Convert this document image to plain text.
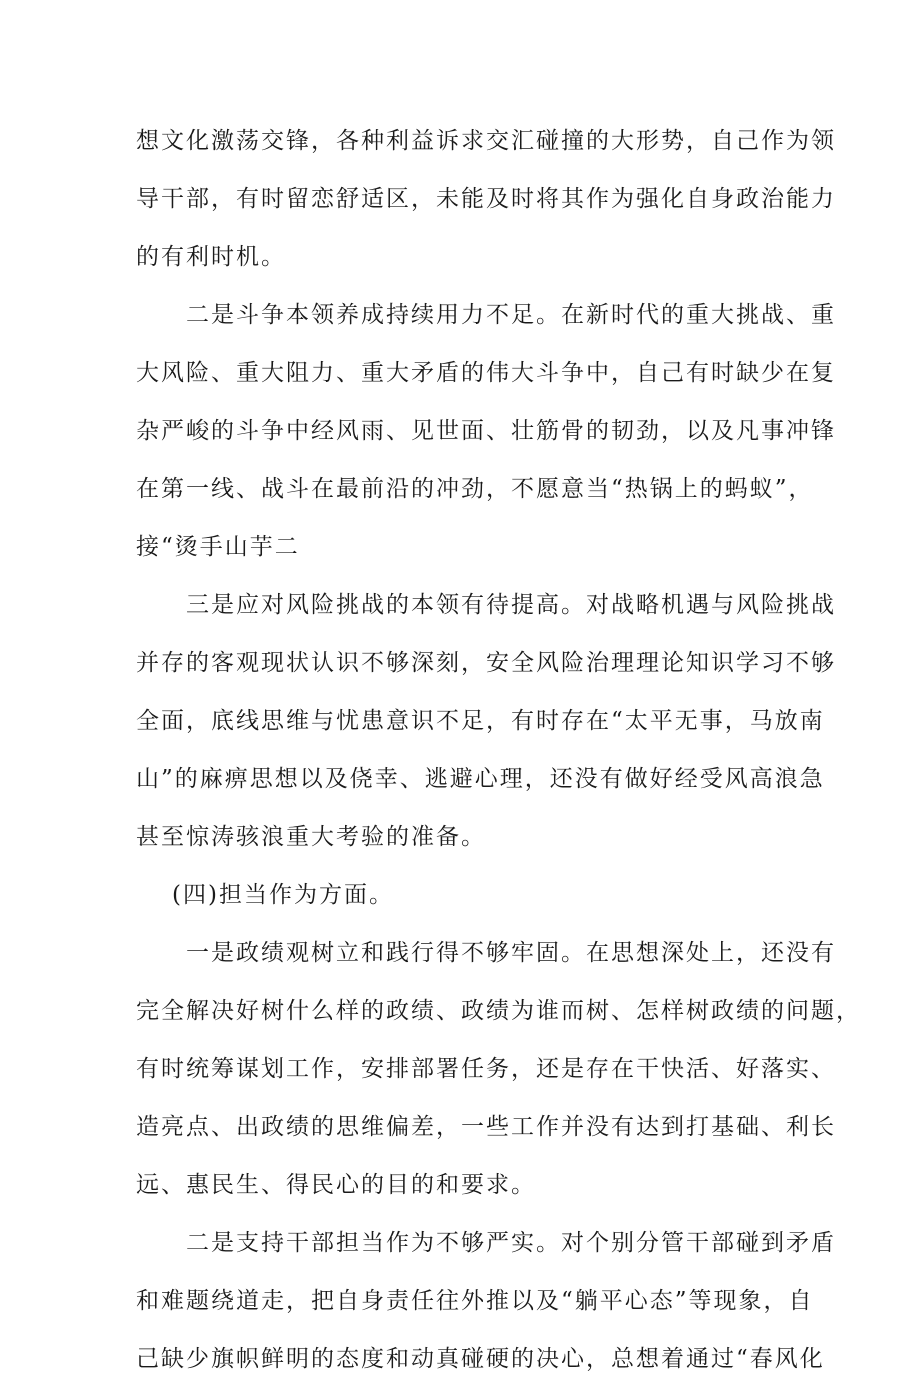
想文化激荡交锋，各种利益诉求交汇碰撞的大形势，自己作为领
导干部，有时留恋舒适区，未能及时将其作为强化自身政治能力
的有利时机。
二是斗争本领养成持续用力不足。在新时代的重大挑战、重
大风险、重大阻力、重大矛盾的伟大斗争中，自己有时缺少在复
杂严峻的斗争中经风雨、见世面、壮筋骨的韧劲，以及凡事冲锋
在第一线、战斗在最前沿的冲劲，不愿意当“热锅上的蚂蚁”，
接“烫手山芋二
三是应对风险挑战的本领有待提高。对战略机遇与风险挑战
并存的客观现状认识不够深刻，安全风险治理理论知识学习不够
全面，底线思维与忧患意识不足，有时存在“太平无事，马放南
山”的麻痹思想以及侥幸、逃避心理，还没有做好经受风高浪急
甚至惊涛骇浪重大考验的准备。
(四)担当作为方面。
一是政绩观树立和践行得不够牢固。在思想深处上，还没有
完全解决好树什么样的政绩、政绩为谁而树、怎样树政绩的问题，
有时统筹谋划工作，安排部署任务，还是存在干快活、好落实、
造亮点、出政绩的思维偏差，一些工作并没有达到打基础、利长
远、惠民生、得民心的目的和要求。
二是支持干部担当作为不够严实。对个别分管干部碰到矛盾
和难题绕道走，把自身责任往外推以及“躺平心态”等现象，自
己缺少旗帜鲜明的态度和动真碰硬的决心，总想着通过“春风化
